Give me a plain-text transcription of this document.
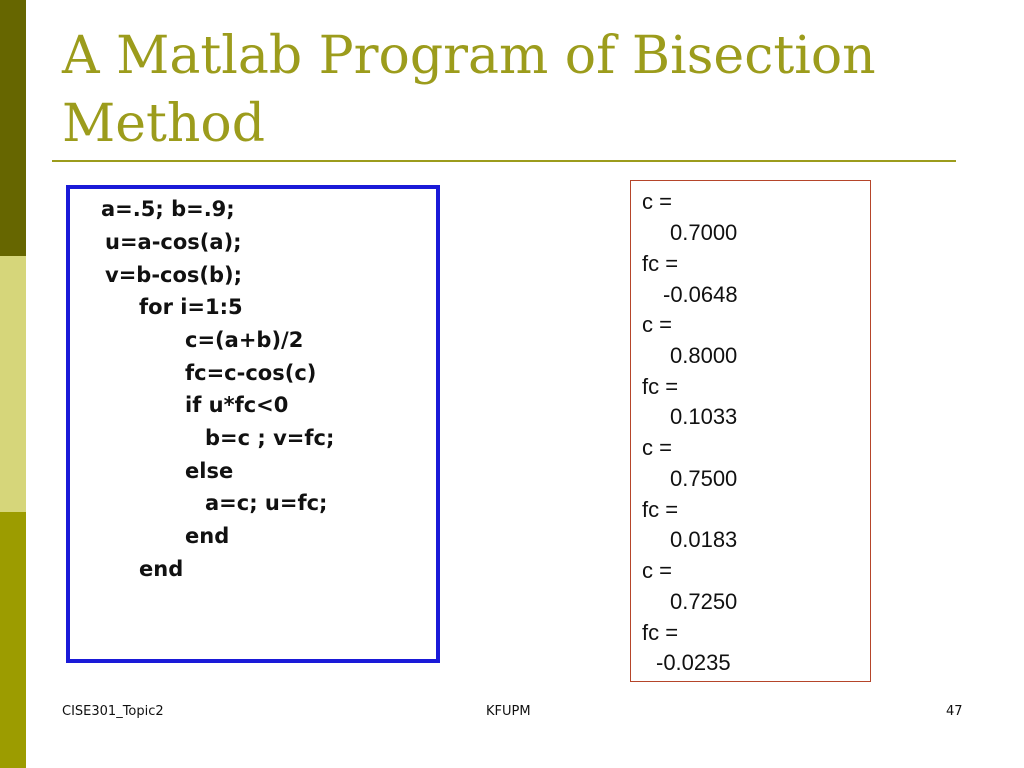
A Matlab Program of Bisection Method
a=.5; b=.9;
u=a-cos(a);
v=b-cos(b);
for i=1:5
c=(a+b)/2
fc=c-cos(c)
if u*fc<0
b=c ; v=fc;
else
a=c; u=fc;
end
end
c =
0.7000
fc =
-0.0648
c =
0.8000
fc =
0.1033
c =
0.7500
fc =
0.0183
c =
0.7250
fc =
-0.0235
CISE301_Topic2	KFUPM	47
